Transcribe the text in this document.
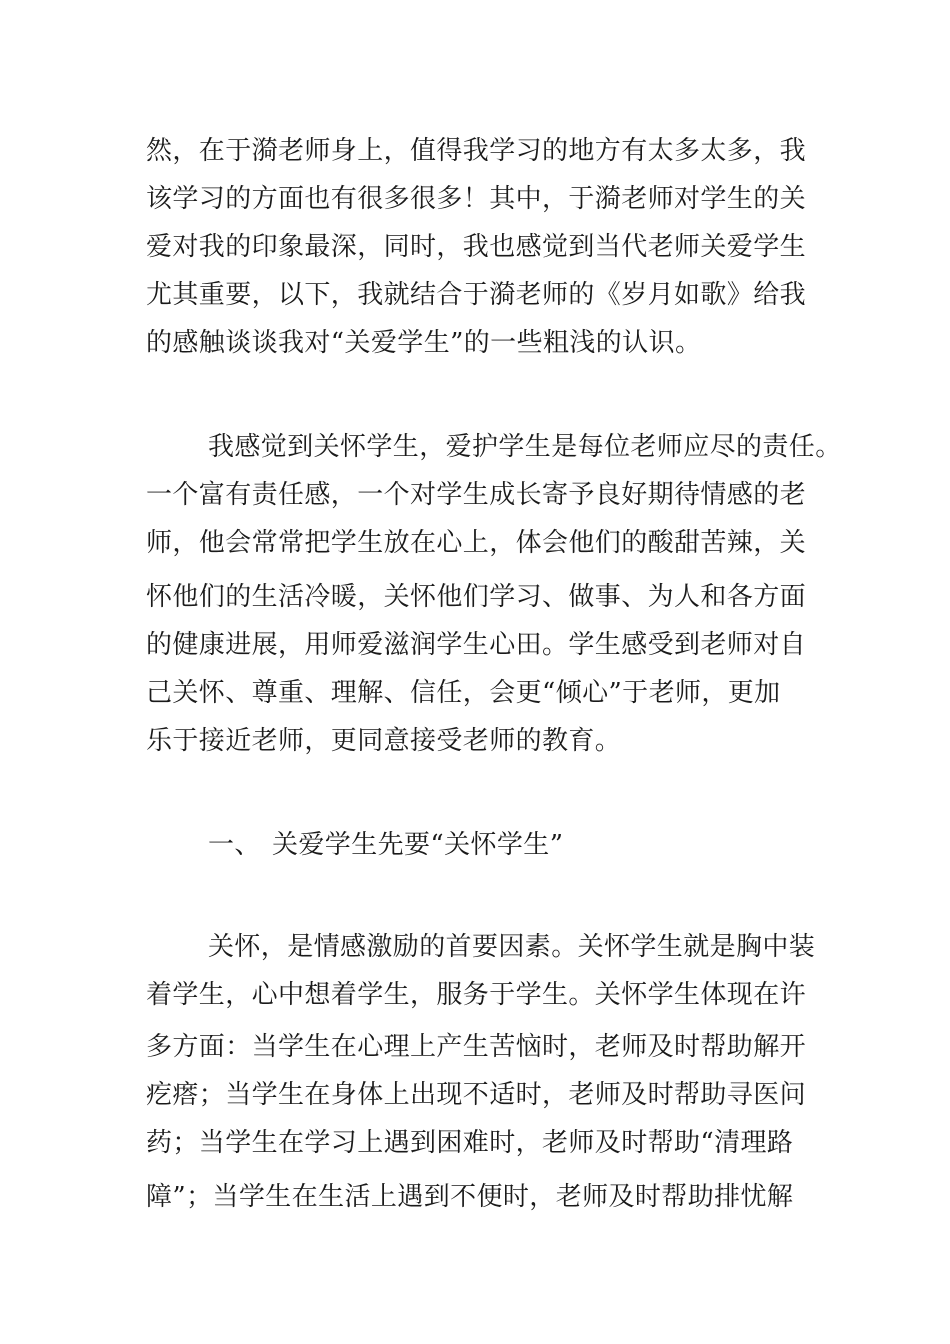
然，在于漪老师身上，值得我学习的地方有太多太多，我
该学习的方面也有很多很多！其中，于漪老师对学生的关
爱对我的印象最深，同时，我也感觉到当代老师关爱学生
尤其重要，以下，我就结合于漪老师的《岁月如歌》给我
的感触谈谈我对“关爱学生”的一些粗浅的认识。
我感觉到关怀学生，爱护学生是每位老师应尽的责任。
一个富有责任感，一个对学生成长寄予良好期待情感的老
师，他会常常把学生放在心上，体会他们的酸甜苦辣，关
怀他们的生活冷暖，关怀他们学习、做事、为人和各方面
的健康进展，用师爱滋润学生心田。学生感受到老师对自
己关怀、尊重、理解、信任，会更“倾心”于老师，更加
乐于接近老师，更同意接受老师的教育。
一、 关爱学生先要“关怀学生”
关怀，是情感激励的首要因素。关怀学生就是胸中装
着学生，心中想着学生，服务于学生。关怀学生体现在许
多方面：当学生在心理上产生苦恼时，老师及时帮助解开
疙瘩；当学生在身体上出现不适时，老师及时帮助寻医问
药；当学生在学习上遇到困难时，老师及时帮助“清理路
障”；当学生在生活上遇到不便时，老师及时帮助排忧解
